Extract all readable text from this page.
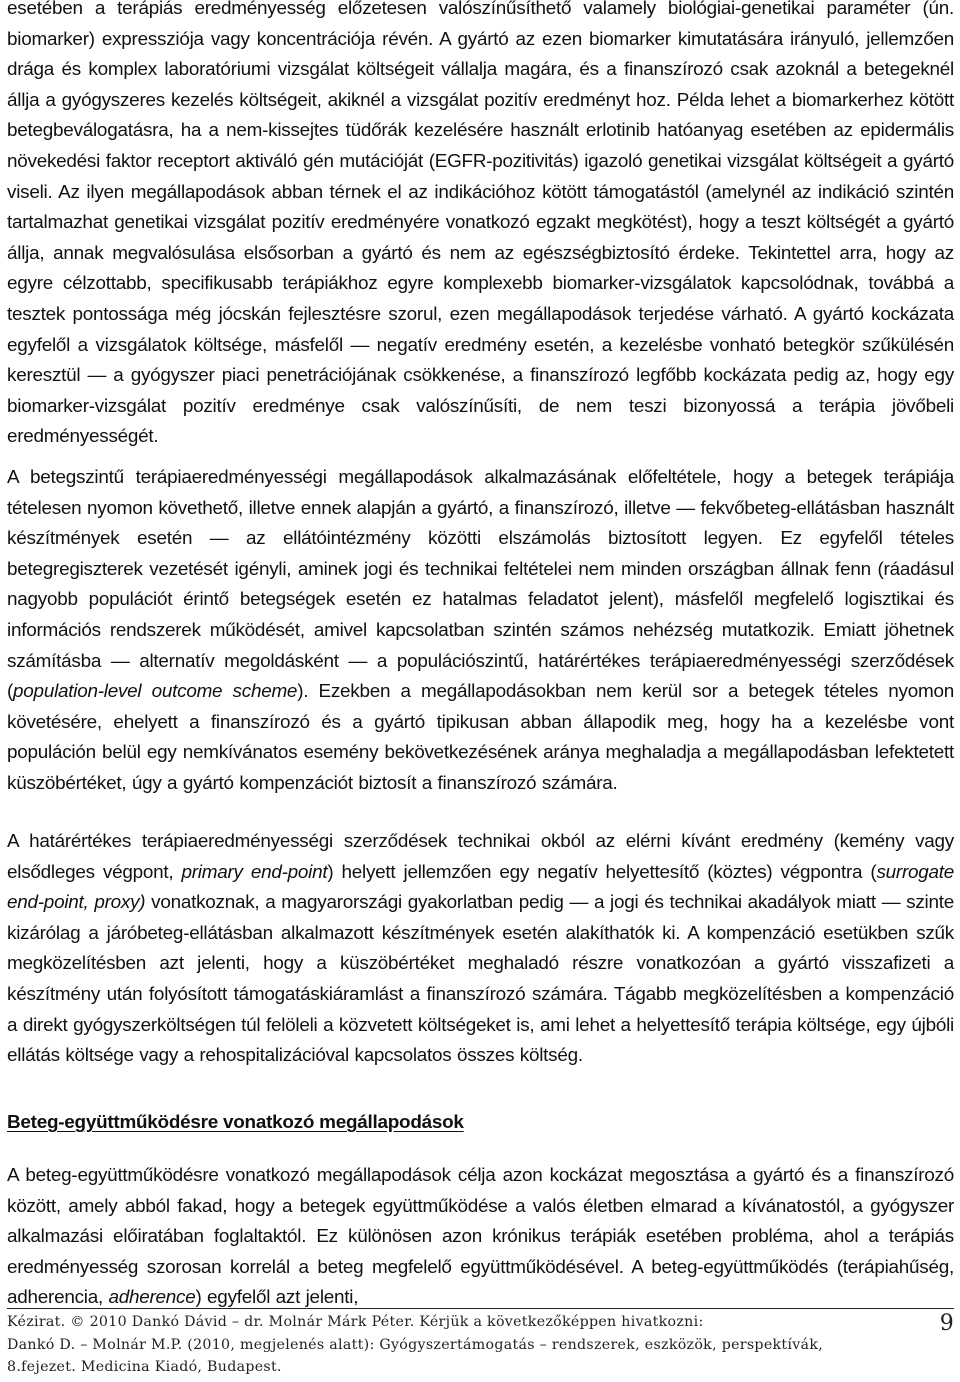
esetében a terápiás eredményesség előzetesen valószínűsíthető valamely biológiai-genetikai paraméter (ún. biomarker) expressziója vagy koncentrációja révén. A gyártó az ezen biomarker kimutatására irányuló, jellemzően drága és komplex laboratóriumi vizsgálat költségeit vállalja magára, és a finanszírozó csak azoknál a betegeknél állja a gyógyszeres kezelés költségeit, akiknél a vizsgálat pozitív eredményt hoz. Példa lehet a biomarkerhez kötött betegbeválogatásra, ha a nem-kissejtes tüdőrák kezelésére használt erlotinib hatóanyag esetében az epidermális növekedési faktor receptort aktiváló gén mutációját (EGFR-pozitivitás) igazoló genetikai vizsgálat költségeit a gyártó viseli. Az ilyen megállapodások abban térnek el az indikációhoz kötött támogatástól (amelynél az indikáció szintén tartalmazhat genetikai vizsgálat pozitív eredményére vonatkozó egzakt megkötést), hogy a teszt költségét a gyártó állja, annak megvalósulása elsősorban a gyártó és nem az egészségbiztosító érdeke. Tekintettel arra, hogy az egyre célzottabb, specifikusabb terápiákhoz egyre komplexebb biomarker-vizsgálatok kapcsolódnak, továbbá a tesztek pontossága még jócskán fejlesztésre szorul, ezen megállapodások terjedése várható. A gyártó kockázata egyfelől a vizsgálatok költsége, másfelől — negatív eredmény esetén, a kezelésbe vonható betegkör szűkülésén keresztül — a gyógyszer piaci penetrációjának csökkenése, a finanszírozó legfőbb kockázata pedig az, hogy egy biomarker-vizsgálat pozitív eredménye csak valószínűsíti, de nem teszi bizonyossá a terápia jövőbeli eredményességét.

A betegszintű terápiaeredményességi megállapodások alkalmazásának előfeltétele, hogy a betegek terápiája tételesen nyomon követhető, illetve ennek alapján a gyártó, a finanszírozó, illetve — fekvőbeteg-ellátásban használt készítmények esetén — az ellátóintézmény közötti elszámolás biztosított legyen. Ez egyfelől tételes betegregiszterek vezetését igényli, aminek jogi és technikai feltételei nem minden országban állnak fenn (ráadásul nagyobb populációt érintő betegségek esetén ez hatalmas feladatot jelent), másfelől megfelelő logisztikai és információs rendszerek működését, amivel kapcsolatban szintén számos nehézség mutatkozik. Emiatt jöhetnek számításba — alternatív megoldásként — a populációszintű, határértékes terápiaeredményességi szerződések (population-level outcome scheme). Ezekben a megállapodásokban nem kerül sor a betegek tételes nyomon követésére, ehelyett a finanszírozó és a gyártó tipikusan abban állapodik meg, hogy ha a kezelésbe vont populáción belül egy nemkívánatos esemény bekövetkezésének aránya meghaladja a megállapodásban lefektetett küszöbértéket, úgy a gyártó kompenzációt biztosít a finanszírozó számára.

A határértékes terápiaeredményességi szerződések technikai okból az elérni kívánt eredmény (kemény vagy elsődleges végpont, primary end-point) helyett jellemzően egy negatív helyettesítő (köztes) végpontra (surrogate end-point, proxy) vonatkoznak, a magyarországi gyakorlatban pedig — a jogi és technikai akadályok miatt — szinte kizárólag a járóbeteg-ellátásban alkalmazott készítmények esetén alakíthatók ki. A kompenzáció esetükben szűk megközelítésben azt jelenti, hogy a küszöbértéket meghaladó részre vonatkozóan a gyártó visszafizeti a készítmény után folyósított támogatáskiáramlást a finanszírozó számára. Tágabb megközelítésben a kompenzáció a direkt gyógyszerköltségen túl felöleli a közvetett költségeket is, ami lehet a helyettesítő terápia költsége, egy újbóli ellátás költsége vagy a rehospitalizációval kapcsolatos összes költség.

Beteg-együttműködésre vonatkozó megállapodások

A beteg-együttműködésre vonatkozó megállapodások célja azon kockázat megosztása a gyártó és a finanszírozó között, amely abból fakad, hogy a betegek együttműködése a valós életben elmarad a kívánatostól, a gyógyszer alkalmazási előiratában foglaltaktól. Ez különösen azon krónikus terápiák esetében probléma, ahol a terápiás eredményesség szorosan korrelál a beteg megfelelő együttműködésével. A beteg-együttműködés (terápiahűség, adherencia, adherence) egyfelől azt jelenti,

Kézirat. © 2010 Dankó Dávid – dr. Molnár Márk Péter. Kérjük a következőképpen hivatkozni:
Dankó D. – Molnár M.P. (2010, megjelenés alatt): Gyógyszertámogatás – rendszerek, eszközök, perspektívák,
8.fejezet. Medicina Kiadó, Budapest.
9
